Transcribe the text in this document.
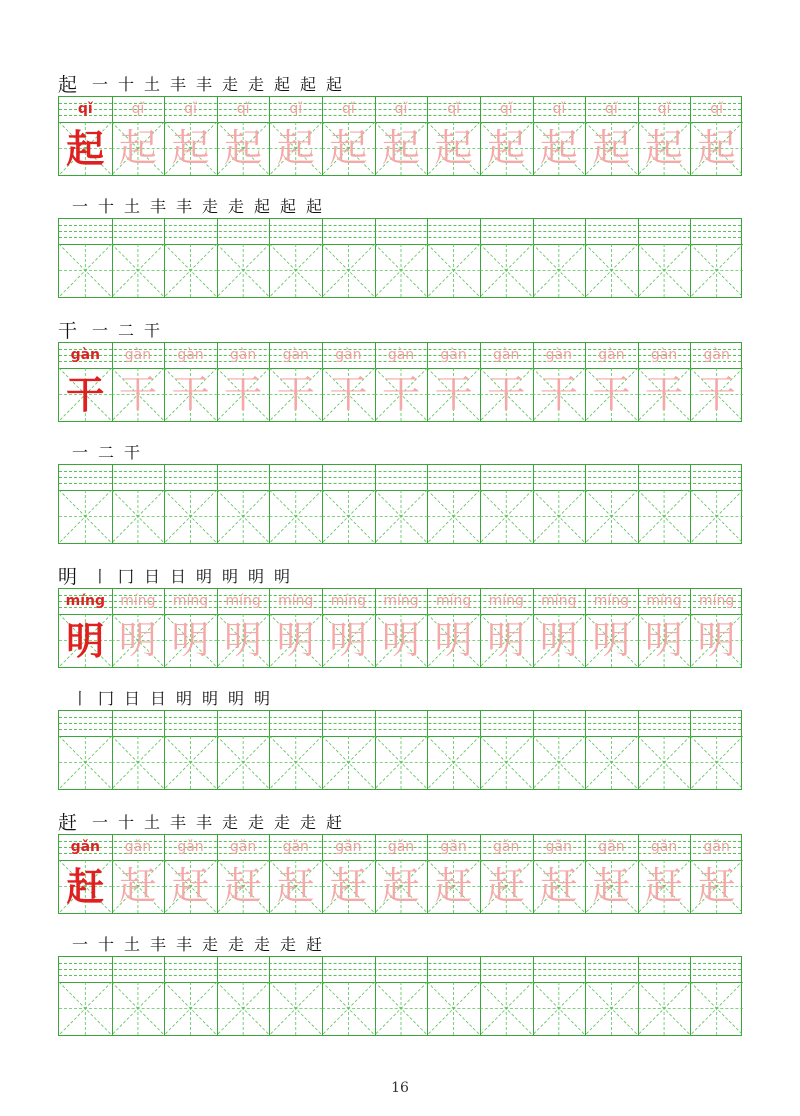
起 一 十 土 丰 丰 走 走 起 起 起
qǐ
起
qǐ
起
qǐ
起
qǐ
起
qǐ
起
qǐ
起
qǐ
起
qǐ
起
qǐ
起
qǐ
起
qǐ
起
qǐ
起
qǐ
起
一 十 土 丰 丰 走 走 起 起 起
干 一 二 干
gàn
干
gàn
干
gàn
干
gàn
干
gàn
干
gàn
干
gàn
干
gàn
干
gàn
干
gàn
干
gàn
干
gàn
干
gàn
干
一 二 干
明 丨 冂 日 日 明 明 明 明
míng
明
míng
明
míng
明
míng
明
míng
明
míng
明
míng
明
míng
明
míng
明
míng
明
míng
明
míng
明
míng
明
丨 冂 日 日 明 明 明 明
赶 一 十 土 丰 丰 走 走 走 走 赶
gǎn
赶
gǎn
赶
gǎn
赶
gǎn
赶
gǎn
赶
gǎn
赶
gǎn
赶
gǎn
赶
gǎn
赶
gǎn
赶
gǎn
赶
gǎn
赶
gǎn
赶
一 十 土 丰 丰 走 走 走 走 赶
16
